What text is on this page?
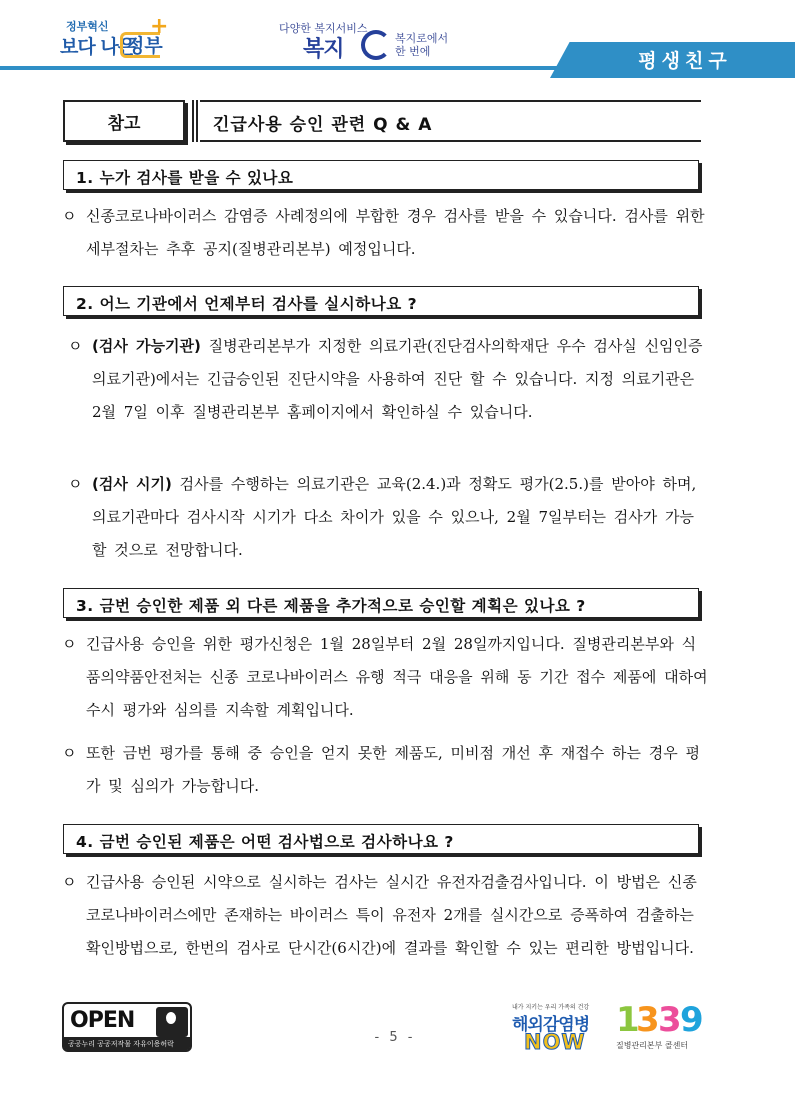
정부혁신
보다 나은
정부
+	다양한 복지서비스
복지	복지로에서 한 번에	평생친구
참고	긴급사용 승인 관련 Q & A
1. 누가 검사를 받을 수 있나요
ㅇ 신종코로나바이러스 감염증 사례정의에 부합한 경우 검사를 받을 수 있습니다. 검사를 위한 세부절차는 추후 공지(질병관리본부) 예정입니다.
2. 어느 기관에서 언제부터 검사를 실시하나요 ?
ㅇ (검사 가능기관) 질병관리본부가 지정한 의료기관(진단검사의학재단 우수 검사실 신임인증 의료기관)에서는 긴급승인된 진단시약을 사용하여 진단 할 수 있습니다. 지정 의료기관은 2월 7일 이후 질병관리본부 홈페이지에서 확인하실 수 있습니다.
ㅇ (검사 시기) 검사를 수행하는 의료기관은 교육(2.4.)과 정확도 평가(2.5.)를 받아야 하며, 의료기관마다 검사시작 시기가 다소 차이가 있을 수 있으나, 2월 7일부터는 검사가 가능할 것으로 전망합니다.
3. 금번 승인한 제품 외 다른 제품을 추가적으로 승인할 계획은 있나요 ?
ㅇ 긴급사용 승인을 위한 평가신청은 1월 28일부터 2월 28일까지입니다. 질병관리본부와 식품의약품안전처는 신종 코로나바이러스 유행 적극 대응을 위해 동 기간 접수 제품에 대하여 수시 평가와 심의를 지속할 계획입니다.
ㅇ 또한 금번 평가를 통해 중 승인을 얻지 못한 제품도, 미비점 개선 후 재접수 하는 경우 평가 및 심의가 가능합니다.
4. 금번 승인된 제품은 어떤 검사법으로 검사하나요 ?
ㅇ 긴급사용 승인된 시약으로 실시하는 검사는 실시간 유전자검출검사입니다. 이 방법은 신종 코로나바이러스에만 존재하는 바이러스 특이 유전자 2개를 실시간으로 증폭하여 검출하는 확인방법으로, 한번의 검사로 단시간(6시간)에 결과를 확인할 수 있는 편리한 방법입니다.
OPEN
공공누리 공공저작물 자유이용허락	- 5 -
내가 지키는 우리 가족의 건강
해외감염병
NOW
1
3
3
9
질병관리본부 콜센터
